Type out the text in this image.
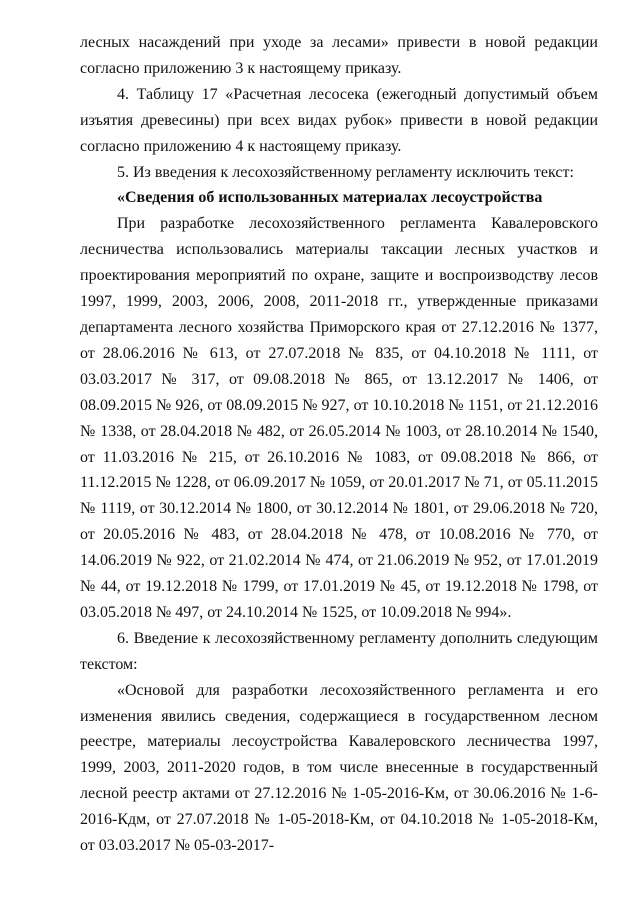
лесных насаждений при уходе за лесами» привести в новой редакции согласно приложению 3 к настоящему приказу.

4. Таблицу 17 «Расчетная лесосека (ежегодный допустимый объем изъятия древесины) при всех видах рубок» привести в новой редакции согласно приложению 4 к настоящему приказу.

5. Из введения к лесохозяйственному регламенту исключить текст:

«Сведения об использованных материалах лесоустройства

При разработке лесохозяйственного регламента Кавалеровского лесничества использовались материалы таксации лесных участков и проектирования мероприятий по охране, защите и воспроизводству лесов 1997, 1999, 2003, 2006, 2008, 2011-2018 гг., утвержденные приказами департамента лесного хозяйства Приморского края от 27.12.2016 № 1377, от 28.06.2016 № 613, от 27.07.2018 № 835, от 04.10.2018 № 1111, от 03.03.2017 № 317, от 09.08.2018 № 865, от 13.12.2017 № 1406, от 08.09.2015 № 926, от 08.09.2015 № 927, от 10.10.2018 № 1151, от 21.12.2016 № 1338, от 28.04.2018 № 482, от 26.05.2014 № 1003, от 28.10.2014 № 1540, от 11.03.2016 № 215, от 26.10.2016 № 1083, от 09.08.2018 № 866, от 11.12.2015 № 1228, от 06.09.2017 № 1059, от 20.01.2017 № 71, от 05.11.2015 № 1119, от 30.12.2014 № 1800, от 30.12.2014 № 1801, от 29.06.2018 № 720, от 20.05.2016 № 483, от 28.04.2018 № 478, от 10.08.2016 № 770, от 14.06.2019 № 922, от 21.02.2014 № 474, от 21.06.2019 № 952, от 17.01.2019 № 44, от 19.12.2018 № 1799, от 17.01.2019 № 45, от 19.12.2018 № 1798, от 03.05.2018 № 497, от 24.10.2014 № 1525, от 10.09.2018 № 994».

6. Введение к лесохозяйственному регламенту дополнить следующим текстом:

«Основой для разработки лесохозяйственного регламента и его изменения явились сведения, содержащиеся в государственном лесном реестре, материалы лесоустройства Кавалеровского лесничества 1997, 1999, 2003, 2011-2020 годов, в том числе внесенные в государственный лесной реестр актами от 27.12.2016 № 1-05-2016-Км, от 30.06.2016 № 1-6-2016-Кдм, от 27.07.2018 № 1-05-2018-Км, от 04.10.2018 № 1-05-2018-Км, от 03.03.2017 № 05-03-2017-
